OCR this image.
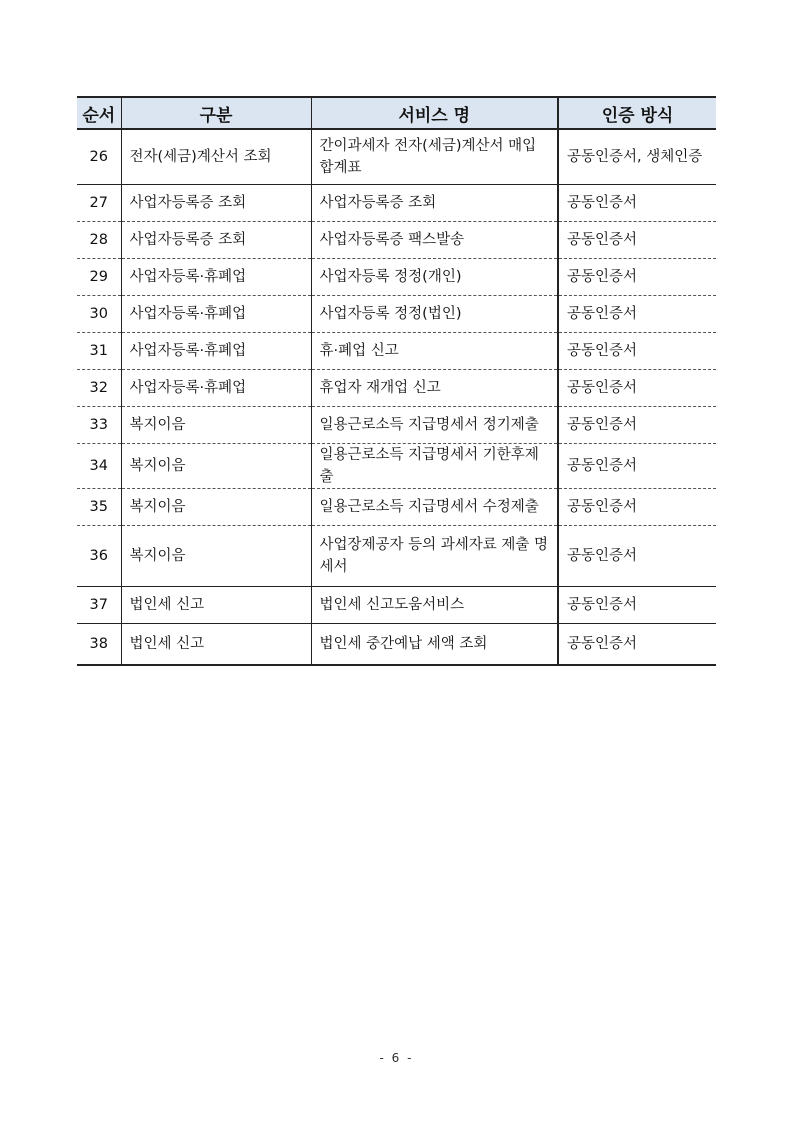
순서	구분	서비스 명	인증 방식
26	전자(세금)계산서 조회	간이과세자 전자(세금)계산서 매입 합계표	공동인증서, 생체인증
27	사업자등록증 조회	사업자등록증 조회	공동인증서
28	사업자등록증 조회	사업자등록증 팩스발송	공동인증서
29	사업자등록·휴폐업	사업자등록 정정(개인)	공동인증서
30	사업자등록·휴폐업	사업자등록 정정(법인)	공동인증서
31	사업자등록·휴폐업	휴·폐업 신고	공동인증서
32	사업자등록·휴폐업	휴업자 재개업 신고	공동인증서
33	복지이음	일용근로소득 지급명세서 정기제출	공동인증서
34	복지이음	일용근로소득 지급명세서 기한후제출	공동인증서
35	복지이음	일용근로소득 지급명세서 수정제출	공동인증서
36	복지이음	사업장제공자 등의 과세자료 제출 명세서	공동인증서
37	법인세 신고	법인세 신고도움서비스	공동인증서
38	법인세 신고	법인세 중간예납 세액 조회	공동인증서
- 6 -
